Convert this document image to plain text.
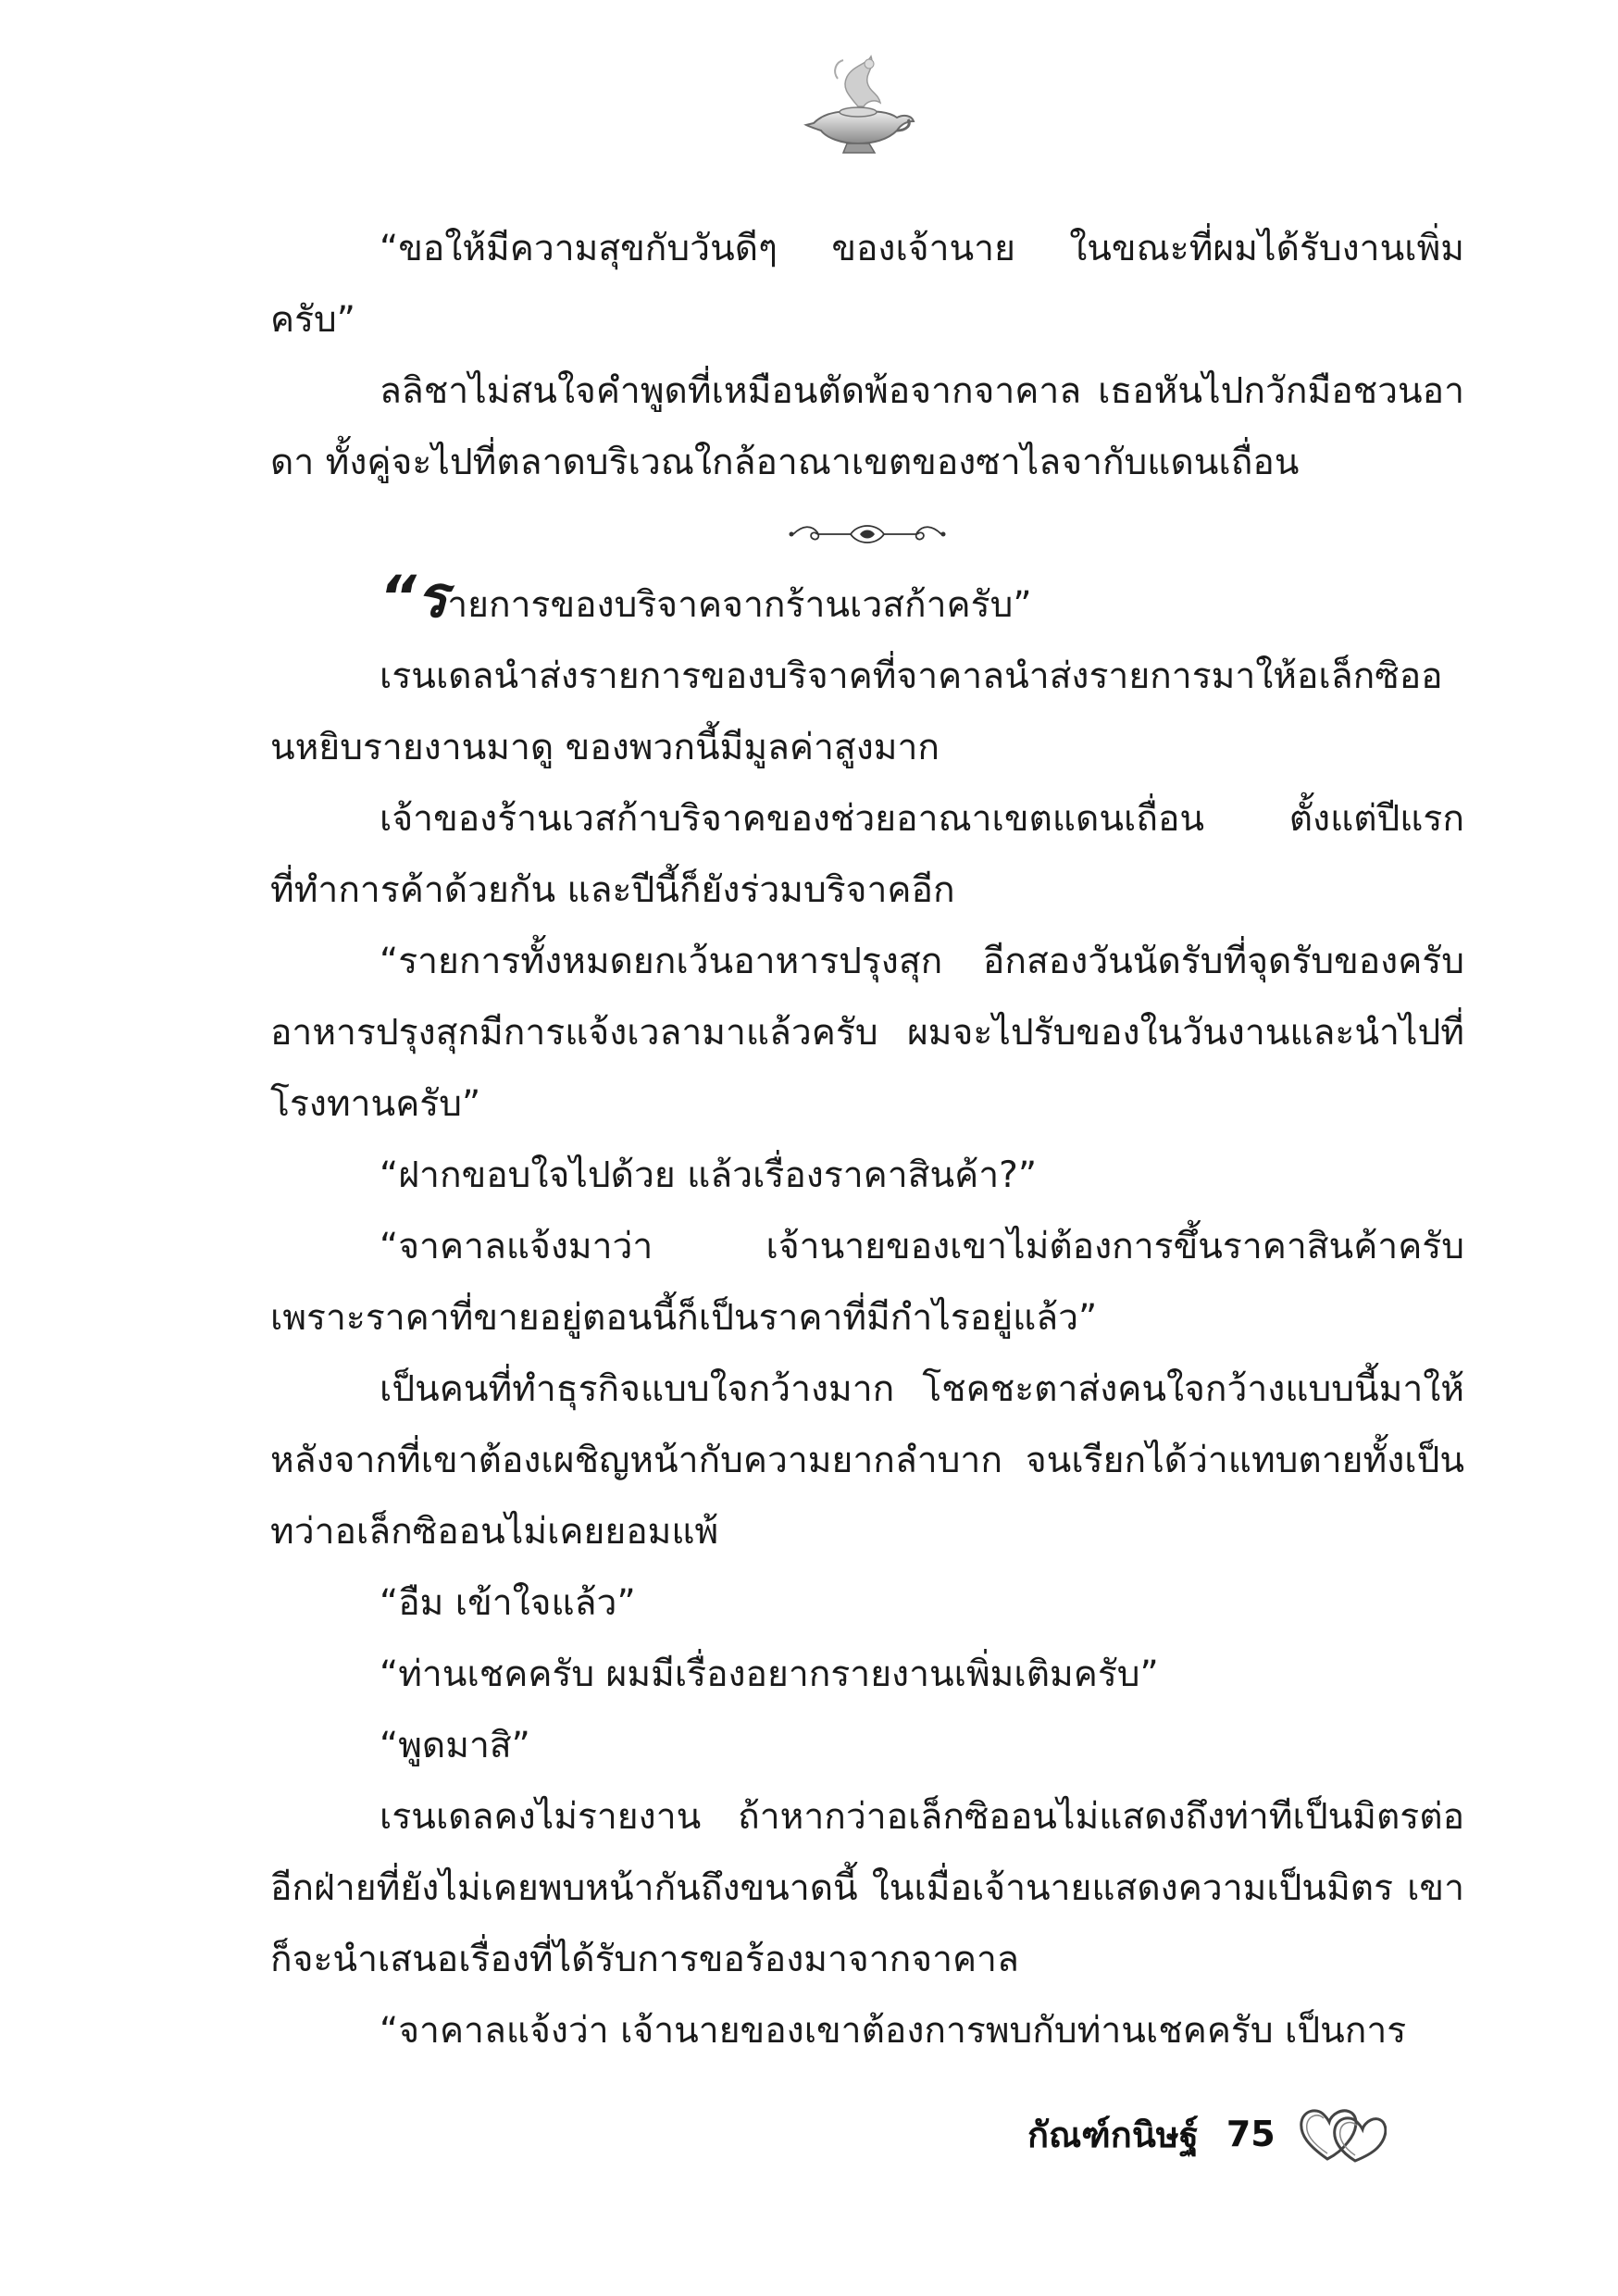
“ขอให้มีความสุขกับวันดีๆ ของเจ้านาย ในขณะที่ผมได้รับงานเพิ่มครับ”

ลลิชาไม่สนใจคำพูดที่เหมือนตัดพ้อจากจาคาล เธอหันไปกวักมือชวนอาดา ทั้งคู่จะไปที่ตลาดบริเวณใกล้อาณาเขตของซาไลจากับแดนเถื่อน

“รายการของบริจาคจากร้านเวสก้าครับ”

เรนเดลนำส่งรายการของบริจาคที่จาคาลนำส่งรายการมาให้อเล็กซิออนหยิบรายงานมาดู ของพวกนี้มีมูลค่าสูงมาก

เจ้าของร้านเวสก้าบริจาคของช่วยอาณาเขตแดนเถื่อน ตั้งแต่ปีแรกที่ทำการค้าด้วยกัน และปีนี้ก็ยังร่วมบริจาคอีก

“รายการทั้งหมดยกเว้นอาหารปรุงสุก อีกสองวันนัดรับที่จุดรับของครับ อาหารปรุงสุกมีการแจ้งเวลามาแล้วครับ ผมจะไปรับของในวันงานและนำไปที่โรงทานครับ”

“ฝากขอบใจไปด้วย แล้วเรื่องราคาสินค้า?”

“จาคาลแจ้งมาว่า เจ้านายของเขาไม่ต้องการขึ้นราคาสินค้าครับ เพราะราคาที่ขายอยู่ตอนนี้ก็เป็นราคาที่มีกำไรอยู่แล้ว”

เป็นคนที่ทำธุรกิจแบบใจกว้างมาก โชคชะตาส่งคนใจกว้างแบบนี้มาให้ หลังจากที่เขาต้องเผชิญหน้ากับความยากลำบาก จนเรียกได้ว่าแทบตายทั้งเป็น ทว่าอเล็กซิออนไม่เคยยอมแพ้

“อืม เข้าใจแล้ว”

“ท่านเชคครับ ผมมีเรื่องอยากรายงานเพิ่มเติมครับ”

“พูดมาสิ”

เรนเดลคงไม่รายงาน ถ้าหากว่าอเล็กซิออนไม่แสดงถึงท่าทีเป็นมิตรต่ออีกฝ่ายที่ยังไม่เคยพบหน้ากันถึงขนาดนี้ ในเมื่อเจ้านายแสดงความเป็นมิตร เขาก็จะนำเสนอเรื่องที่ได้รับการขอร้องมาจากจาคาล

“จาคาลแจ้งว่า เจ้านายของเขาต้องการพบกับท่านเชคครับ เป็นการ

กัณฑ์กนิษฐ์ 75
